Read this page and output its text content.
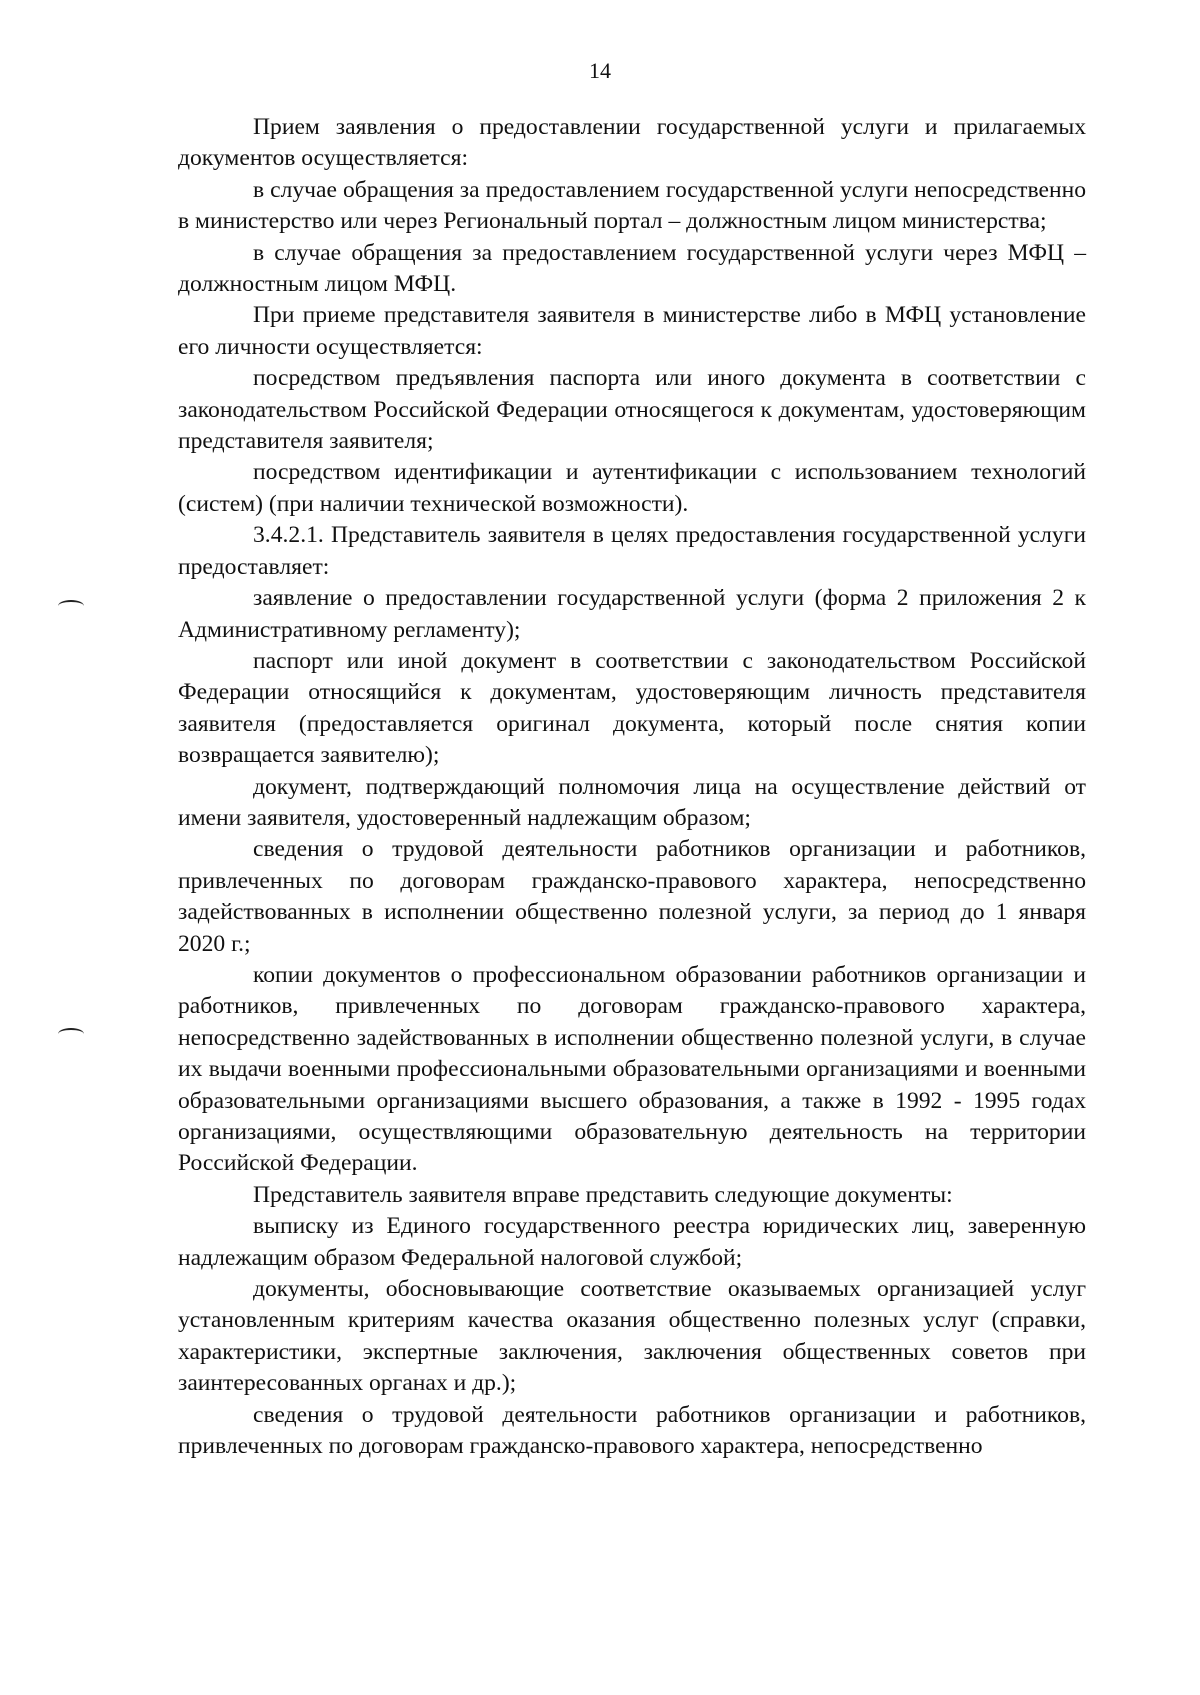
14

Прием заявления о предоставлении государственной услуги и прилагаемых документов осуществляется:

в случае обращения за предоставлением государственной услуги непосредственно в министерство или через Региональный портал – должностным лицом министерства;

в случае обращения за предоставлением государственной услуги через МФЦ – должностным лицом МФЦ.

При приеме представителя заявителя в министерстве либо в МФЦ установление его личности осуществляется:

посредством предъявления паспорта или иного документа в соответствии с законодательством Российской Федерации относящегося к документам, удостоверяющим представителя заявителя;

посредством идентификации и аутентификации с использованием технологий (систем) (при наличии технической возможности).

3.4.2.1. Представитель заявителя в целях предоставления государственной услуги предоставляет:

заявление о предоставлении государственной услуги (форма 2 приложения 2 к Административному регламенту);

паспорт или иной документ в соответствии с законодательством Российской Федерации относящийся к документам, удостоверяющим личность представителя заявителя (предоставляется оригинал документа, который после снятия копии возвращается заявителю);

документ, подтверждающий полномочия лица на осуществление действий от имени заявителя, удостоверенный надлежащим образом;

сведения о трудовой деятельности работников организации и работников, привлеченных по договорам гражданско-правового характера, непосредственно задействованных в исполнении общественно полезной услуги, за период до 1 января 2020 г.;

копии документов о профессиональном образовании работников организации и работников, привлеченных по договорам гражданско-правового характера, непосредственно задействованных в исполнении общественно полезной услуги, в случае их выдачи военными профессиональными образовательными организациями и военными образовательными организациями высшего образования, а также в 1992 - 1995 годах организациями, осуществляющими образовательную деятельность на территории Российской Федерации.

Представитель заявителя вправе представить следующие документы:

выписку из Единого государственного реестра юридических лиц, заверенную надлежащим образом Федеральной налоговой службой;

документы, обосновывающие соответствие оказываемых организацией услуг установленным критериям качества оказания общественно полезных услуг (справки, характеристики, экспертные заключения, заключения общественных советов при заинтересованных органах и др.);

сведения о трудовой деятельности работников организации и работников, привлеченных по договорам гражданско-правового характера, непосредственно
